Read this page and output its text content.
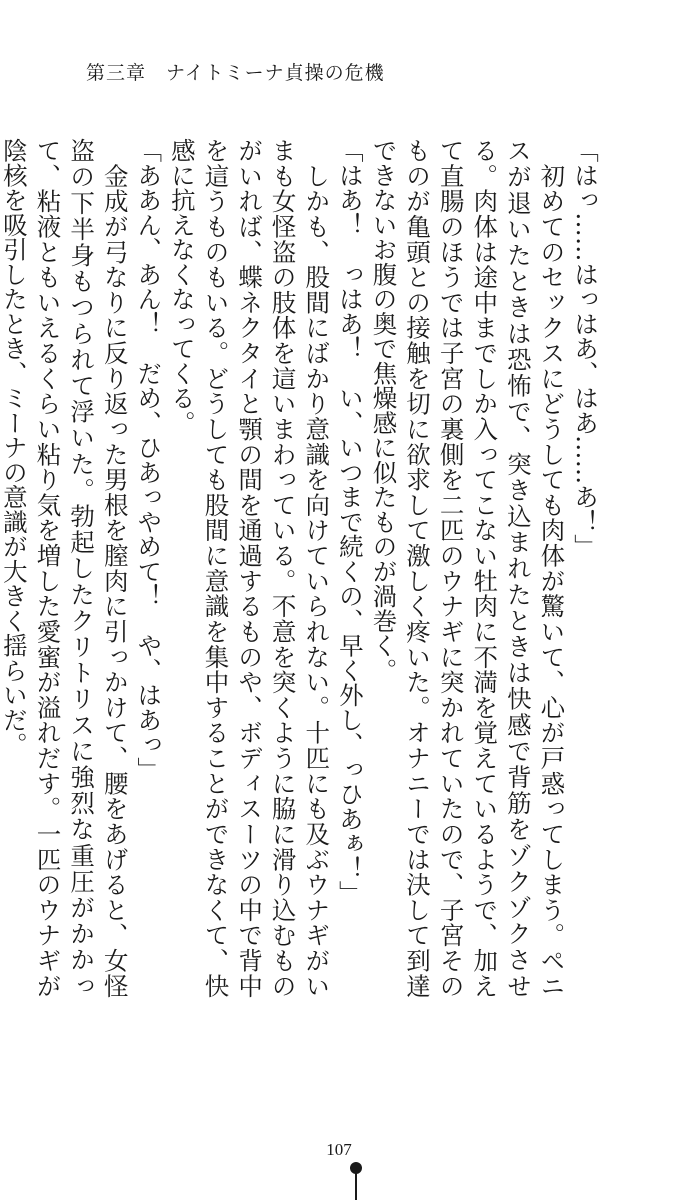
第三章　ナイトミーナ貞操の危機

「はっ……はっはあ、はあ……あ！」

　初めてのセックスにどうしても肉体が驚いて、心が戸惑ってしまう。ペニスが退いたときは恐怖で、突き込まれたときは快感で背筋をゾクゾクさせる。肉体は途中までしか入ってこない牡肉に不満を覚えているようで、加えて直腸のほうでは子宮の裏側を二匹のウナギに突かれていたので、子宮そのものが亀頭との接触を切に欲求して激しく疼いた。オナニーでは決して到達できないお腹の奥で焦燥感に似たものが渦巻く。

「はあ！　っはあ！　い、いつまで続くの、早く外し、っひあぁ！」

　しかも、股間にばかり意識を向けていられない。十匹にも及ぶウナギがいまも女怪盗の肢体を這いまわっている。不意を突くように脇に滑り込むものがいれば、蝶ネクタイと顎の間を通過するものや、ボディスーツの中で背中を這うものもいる。どうしても股間に意識を集中することができなくて、快感に抗えなくなってくる。

「ああん、あん！　だめ、ひあっやめて！　や、はあっ」

　金成が弓なりに反り返った男根を膣肉に引っかけて、腰をあげると、女怪盗の下半身もつられて浮いた。勃起したクリトリスに強烈な重圧がかかって、粘液ともいえるくらい粘り気を増した愛蜜が溢れだす。一匹のウナギが陰核を吸引したとき、ミーナの意識が大きく揺らいだ。

107
